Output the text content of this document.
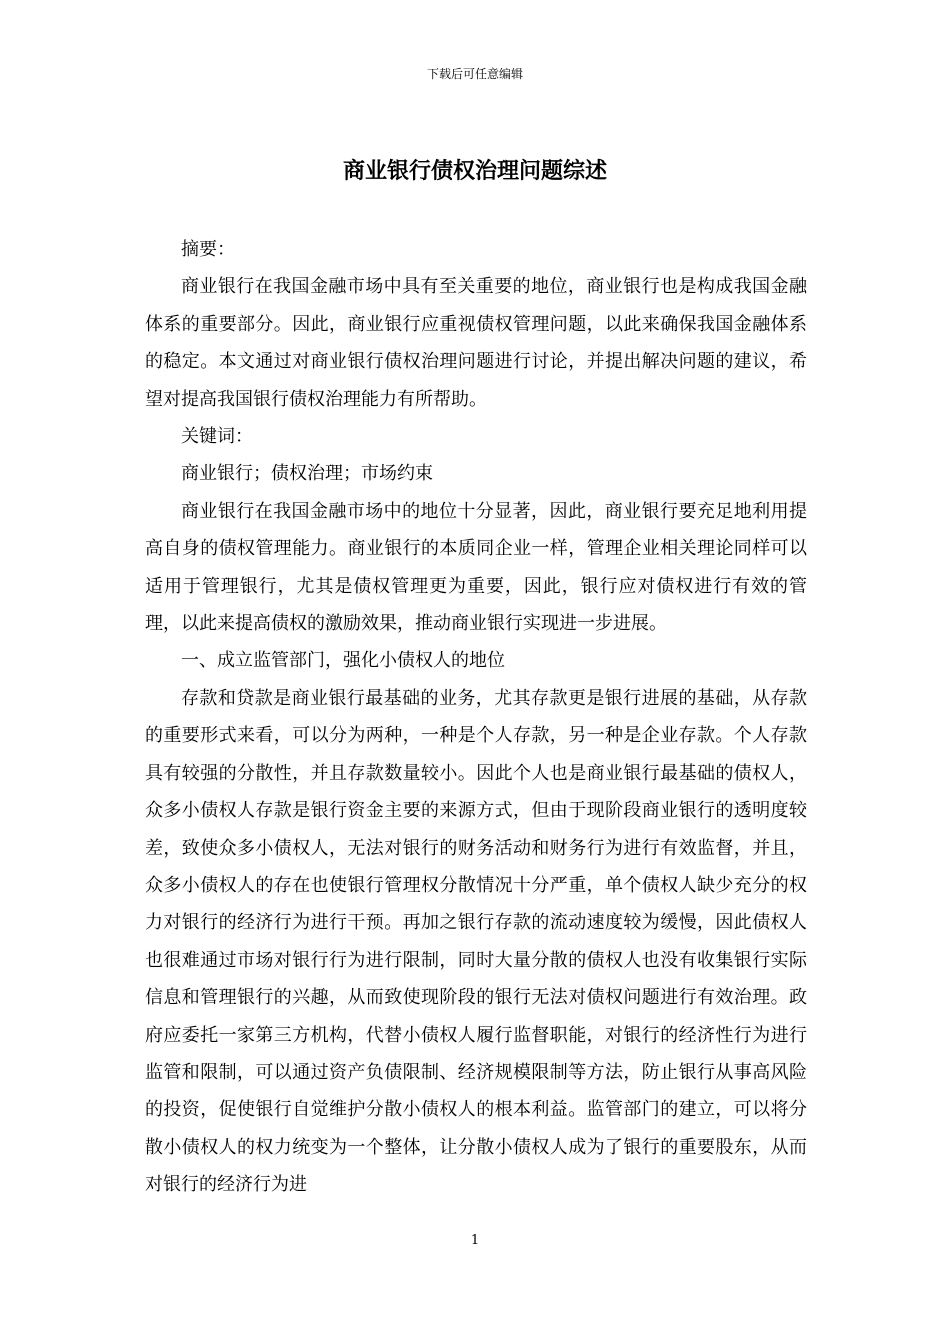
下载后可任意编辑
商业银行债权治理问题综述

摘要：

商业银行在我国金融市场中具有至关重要的地位，商业银行也是构成我国金融体系的重要部分。因此，商业银行应重视债权管理问题，以此来确保我国金融体系的稳定。本文通过对商业银行债权治理问题进行讨论，并提出解决问题的建议，希望对提高我国银行债权治理能力有所帮助。

关键词：

商业银行；债权治理；市场约束

商业银行在我国金融市场中的地位十分显著，因此，商业银行要充足地利用提高自身的债权管理能力。商业银行的本质同企业一样，管理企业相关理论同样可以适用于管理银行，尤其是债权管理更为重要，因此，银行应对债权进行有效的管理，以此来提高债权的激励效果，推动商业银行实现进一步进展。

一、成立监管部门，强化小债权人的地位

存款和贷款是商业银行最基础的业务，尤其存款更是银行进展的基础，从存款的重要形式来看，可以分为两种，一种是个人存款，另一种是企业存款。个人存款具有较强的分散性，并且存款数量较小。因此个人也是商业银行最基础的债权人，众多小债权人存款是银行资金主要的来源方式，但由于现阶段商业银行的透明度较差，致使众多小债权人，无法对银行的财务活动和财务行为进行有效监督，并且，众多小债权人的存在也使银行管理权分散情况十分严重，单个债权人缺少充分的权力对银行的经济行为进行干预。再加之银行存款的流动速度较为缓慢，因此债权人也很难通过市场对银行行为进行限制，同时大量分散的债权人也没有收集银行实际信息和管理银行的兴趣，从而致使现阶段的银行无法对债权问题进行有效治理。政府应委托一家第三方机构，代替小债权人履行监督职能，对银行的经济性行为进行监管和限制，可以通过资产负债限制、经济规模限制等方法，防止银行从事高风险的投资，促使银行自觉维护分散小债权人的根本利益。监管部门的建立，可以将分散小债权人的权力统变为一个整体，让分散小债权人成为了银行的重要股东，从而对银行的经济行为进

1
